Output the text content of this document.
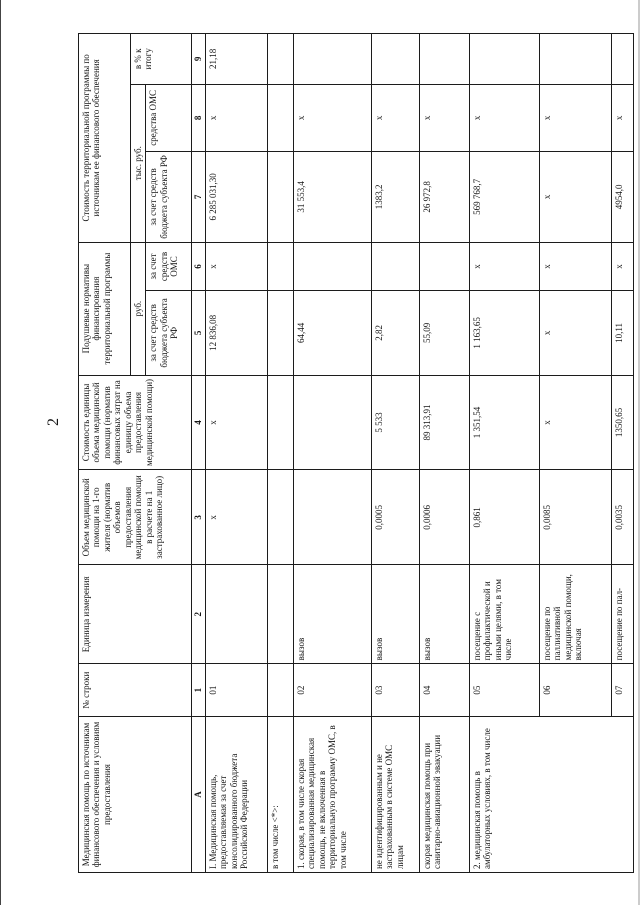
2
Медицинская помощь по источникам финансового обеспечения и условиям предоставления	№ строки	Единица измерения	Объем медицинской помощи на 1-го жителя (норматив объемов предоставления медицинской помощи в расчете на 1 застрахованное лицо)	Стоимость единицы объема медицинской помощи (норматив финансовых затрат на единицу объема предоставления медицинской помощи)	Подушевые нормативы финансирования территориальной программы		Стоимость территориальной программы по источникам ее финансового обеспечения		
					руб.		тыс. руб.		в % к итогу
					за счет средств бюджета субъекта РФ	за счет средств ОМС	за счет средств бюджета субъекта РФ	средства ОМС	
А	1	2	3	4	5	6	7	8	9
I. Медицинская помощь, предоставляемая за счет консолидированного бюджета Российской Федерации	01		х	х	12 836,08	х	6 285 031,30	х	21,18
в том числе <*>:									
1. скорая, в том числе скорая специализированная медицинская помощь, не включенная в территориальную программу ОМС, в том числе	02	вызов			64,44		31 553,4	х	
не идентифицированным и не застрахованным в системе ОМС лицам	03	вызов	0,0005	5 533	2,82		1383,2	х	
скорая медицинская помощь при санитарно-авиационной эвакуации	04	вызов	0,0006	89 313,91	55,09		26 972,8	х	
2. медицинская помощь в амбулаторных условиях, в том числе	05	посещение с профилактической и иными целями, в том числе	0,861	1 351,54	1 163,65	х	569 768,7	х	
	06	посещение по паллиативной медицинской помощи, включая	0,0085	х	х	х	х	х	
	07	посещение по пал-	0,0035	1350,65	10,11	х	4954,0	х	
